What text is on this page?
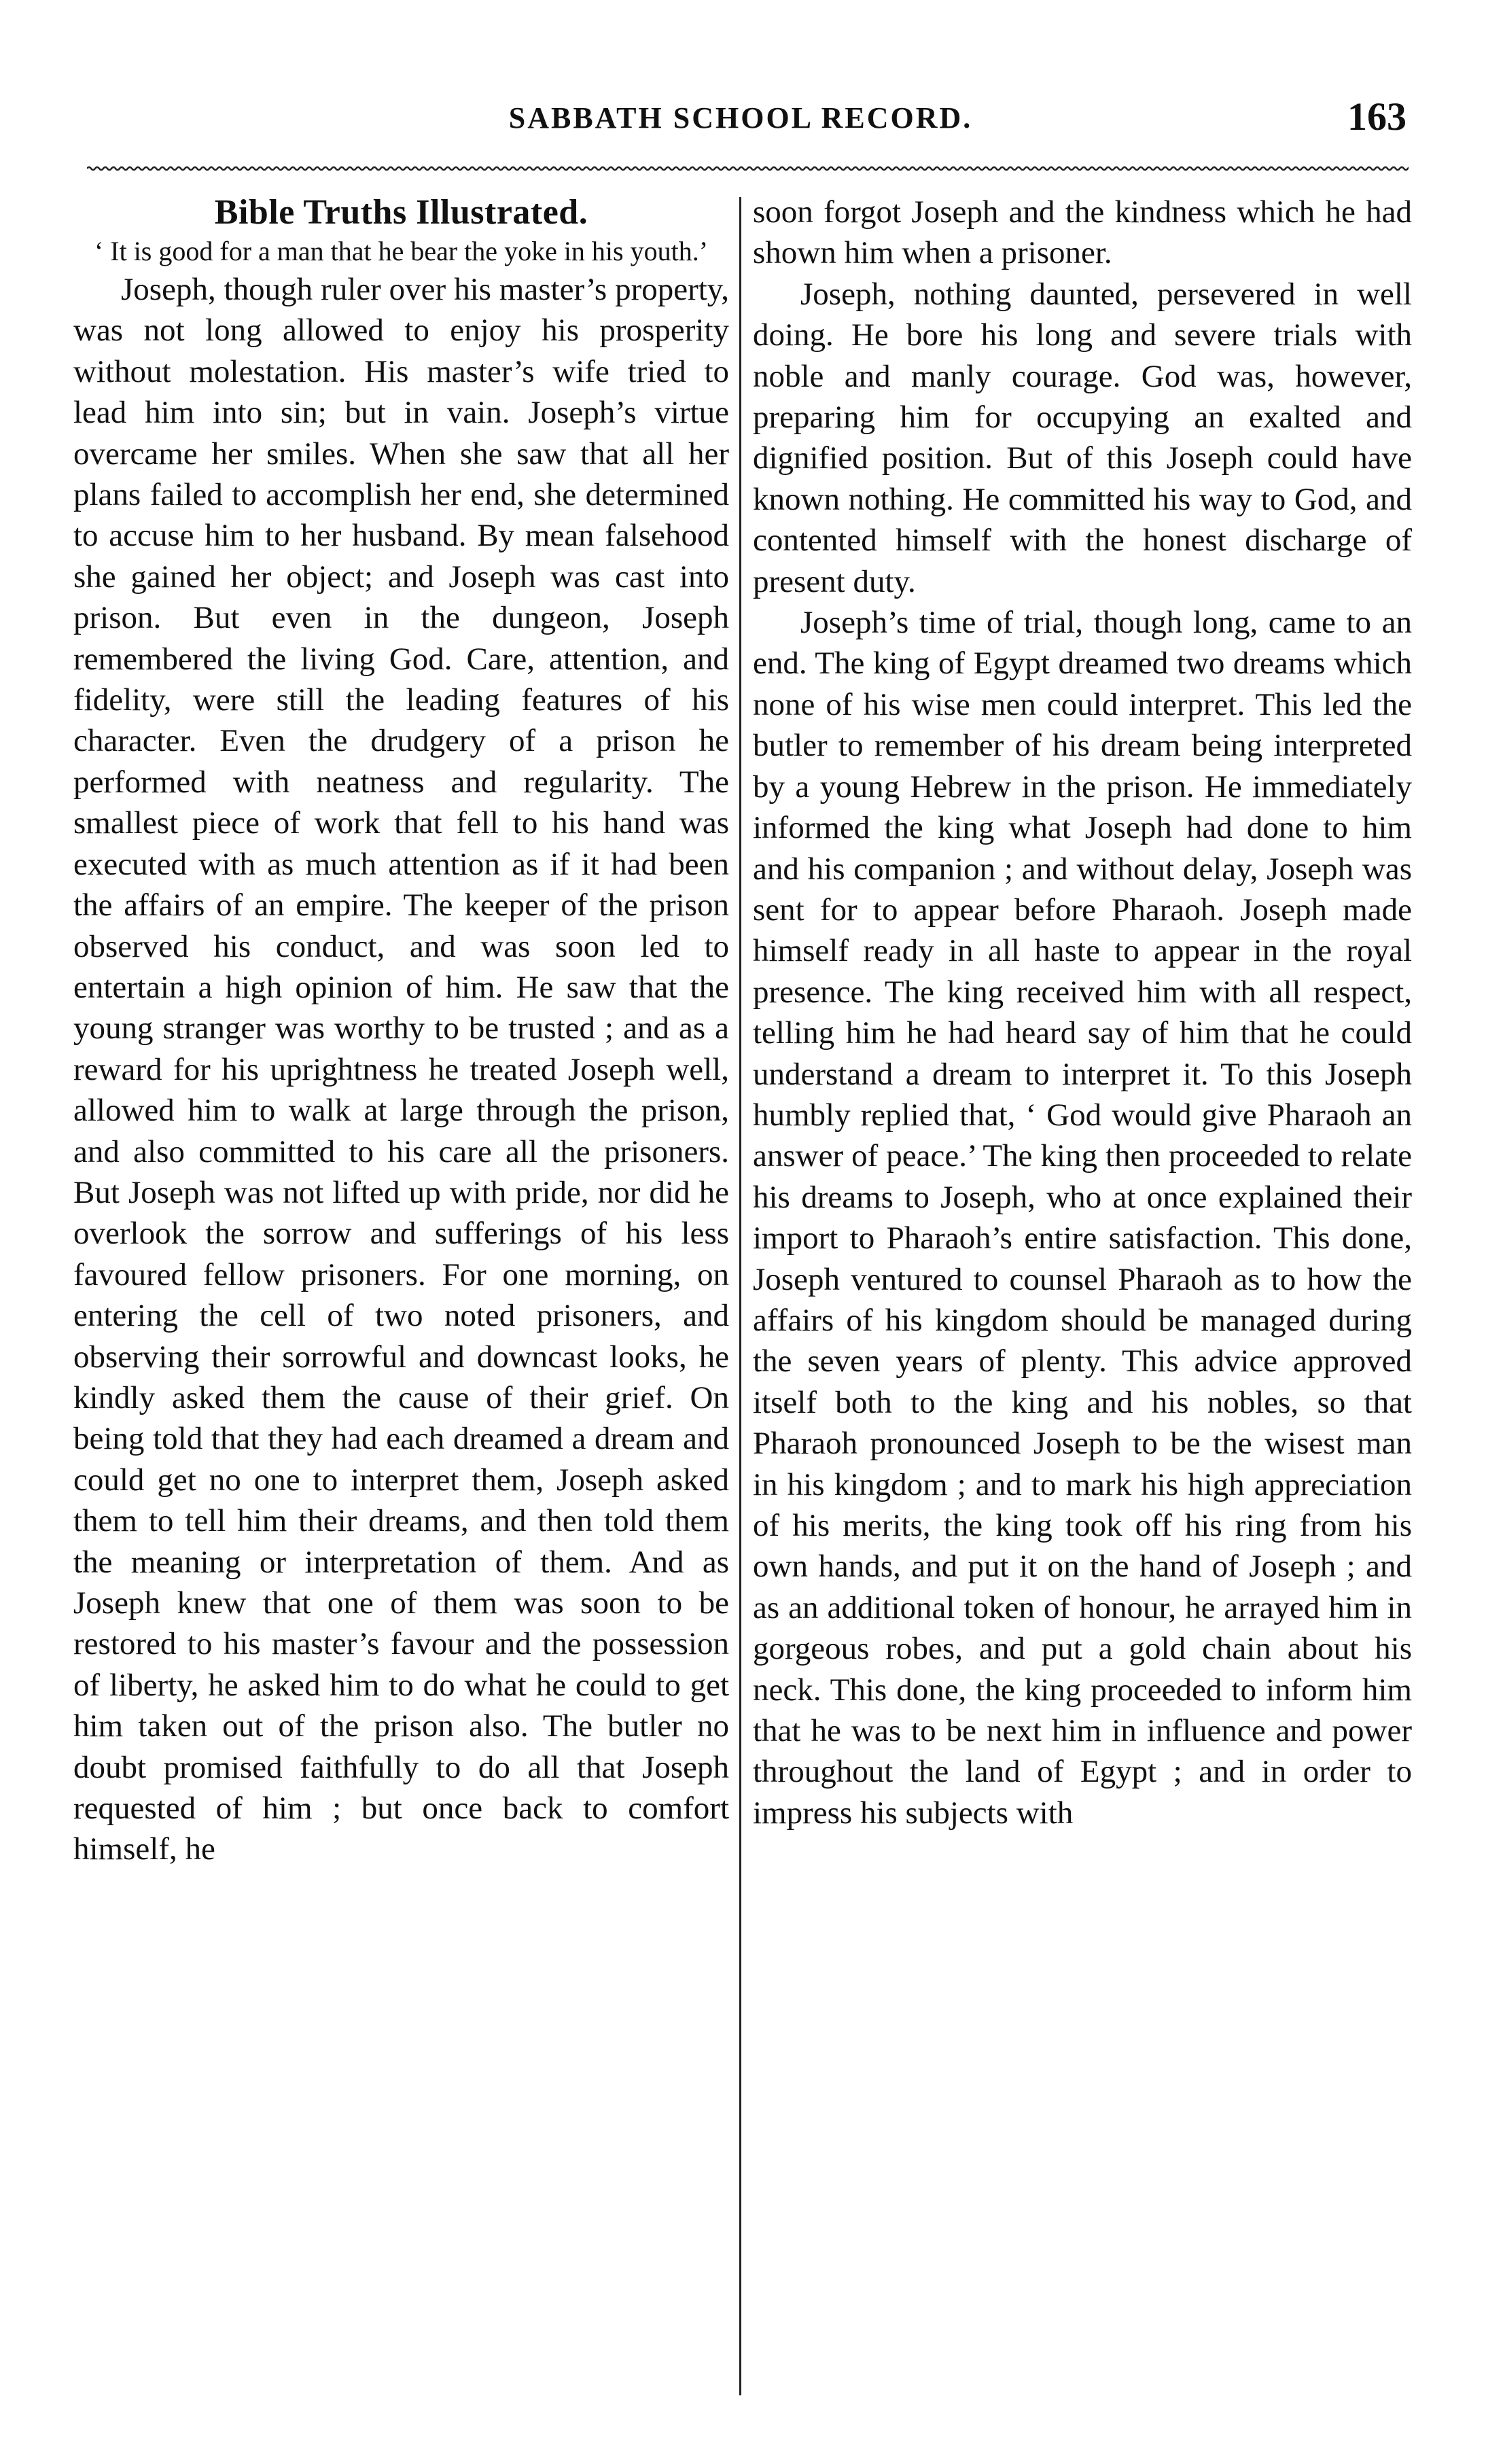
SABBATH SCHOOL RECORD.	163
Bible Truths Illustrated.

‘ It is good for a man that he bear the yoke in his youth.’

Joseph, though ruler over his master’s property, was not long allowed to enjoy his prosperity without molestation. His master’s wife tried to lead him into sin; but in vain. Joseph’s virtue overcame her smiles. When she saw that all her plans failed to accomplish her end, she determined to accuse him to her husband. By mean falsehood she gained her object; and Joseph was cast into prison. But even in the dungeon, Joseph remembered the living God. Care, attention, and fidelity, were still the leading features of his character. Even the drudgery of a prison he performed with neatness and regularity. The smallest piece of work that fell to his hand was executed with as much attention as if it had been the affairs of an empire. The keeper of the prison observed his conduct, and was soon led to entertain a high opinion of him. He saw that the young stranger was worthy to be trusted ; and as a reward for his uprightness he treated Joseph well, allowed him to walk at large through the prison, and also committed to his care all the prisoners. But Joseph was not lifted up with pride, nor did he overlook the sorrow and sufferings of his less favoured fellow prisoners. For one morning, on entering the cell of two noted prisoners, and observing their sorrowful and downcast looks, he kindly asked them the cause of their grief. On being told that they had each dreamed a dream and could get no one to interpret them, Joseph asked them to tell him their dreams, and then told them the meaning or interpretation of them. And as Joseph knew that one of them was soon to be restored to his master’s favour and the possession of liberty, he asked him to do what he could to get him taken out of the prison also. The butler no doubt promised faithfully to do all that Joseph requested of him ; but once back to comfort himself, he

soon forgot Joseph and the kindness which he had shown him when a prisoner.

Joseph, nothing daunted, persevered in well doing. He bore his long and severe trials with noble and manly courage. God was, however, preparing him for occupying an exalted and dignified position. But of this Joseph could have known nothing. He committed his way to God, and contented himself with the honest discharge of present duty.

Joseph’s time of trial, though long, came to an end. The king of Egypt dreamed two dreams which none of his wise men could interpret. This led the butler to remember of his dream being interpreted by a young Hebrew in the prison. He immediately informed the king what Joseph had done to him and his companion ; and without delay, Joseph was sent for to appear before Pharaoh. Joseph made himself ready in all haste to appear in the royal presence. The king received him with all respect, telling him he had heard say of him that he could understand a dream to interpret it. To this Joseph humbly replied that, ‘ God would give Pharaoh an answer of peace.’ The king then proceeded to relate his dreams to Joseph, who at once explained their import to Pharaoh’s entire satisfaction. This done, Joseph ventured to counsel Pharaoh as to how the affairs of his kingdom should be managed during the seven years of plenty. This advice approved itself both to the king and his nobles, so that Pharaoh pronounced Joseph to be the wisest man in his kingdom ; and to mark his high appreciation of his merits, the king took off his ring from his own hands, and put it on the hand of Joseph ; and as an additional token of honour, he arrayed him in gorgeous robes, and put a gold chain about his neck. This done, the king proceeded to inform him that he was to be next him in influence and power throughout the land of Egypt ; and in order to impress his subjects with
